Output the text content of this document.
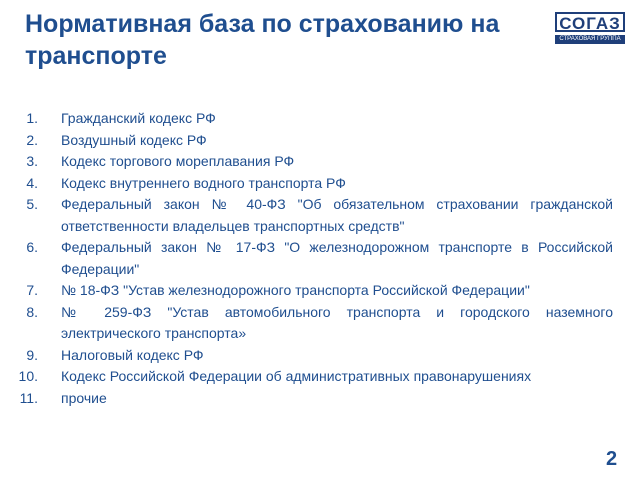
Нормативная база по страхованию на транспорте
СОГАЗ
СТРАХОВАЯ ГРУППА
1. Гражданский кодекс РФ
2. Воздушный кодекс РФ
3. Кодекс торгового мореплавания РФ
4. Кодекс внутреннего водного транспорта РФ
5. Федеральный закон № 40-ФЗ "Об обязательном страховании гражданской ответственности владельцев транспортных средств"
6. Федеральный закон № 17-ФЗ "О железнодорожном транспорте в Российской Федерации"
7. № 18-ФЗ "Устав железнодорожного транспорта Российской Федерации"
8. № 259-ФЗ "Устав автомобильного транспорта и городского наземного электрического транспорта»
9. Налоговый кодекс РФ
10. Кодекс Российской Федерации об административных правонарушениях
11. прочие
2
